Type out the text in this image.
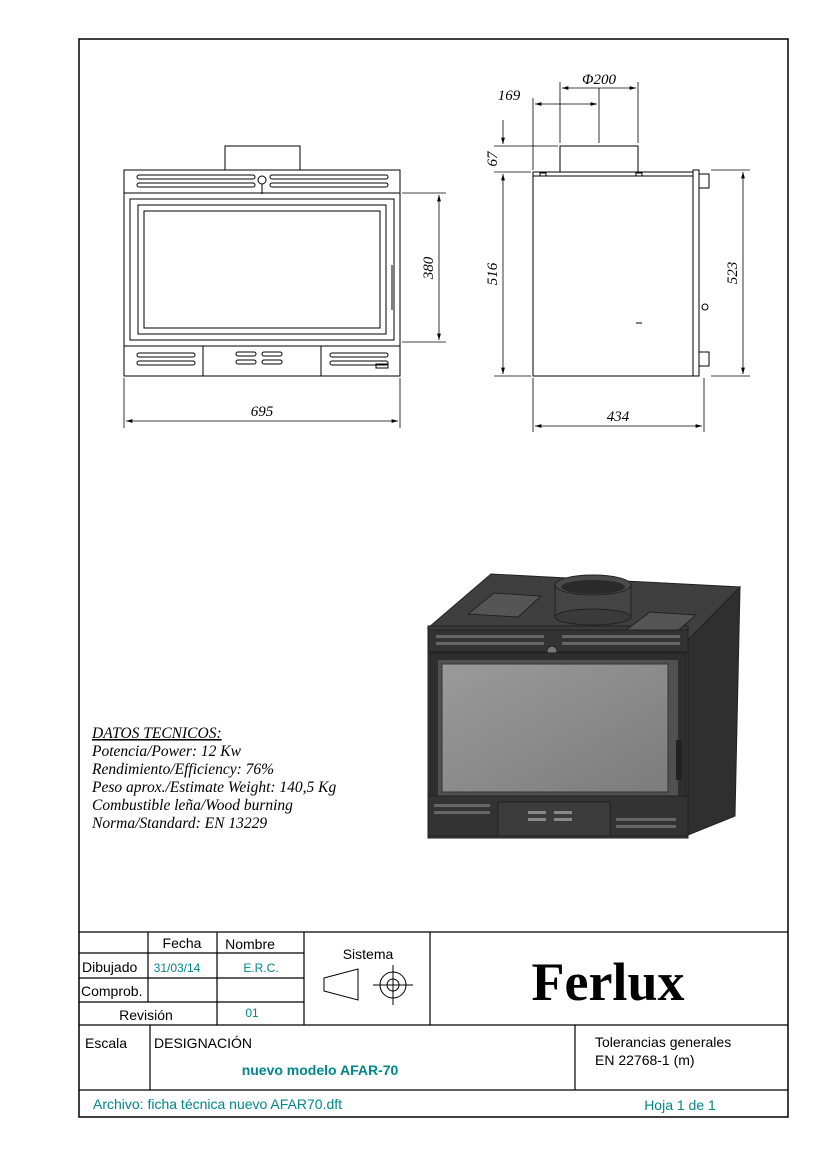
695
380
Φ200
169
67
516	523
434
DATOS TECNICOS:
Potencia/Power: 12 Kw
Rendimiento/Efficiency: 76%
Peso aprox./Estimate Weight: 140,5 Kg
Combustible leña/Wood burning
Norma/Standard: EN 13229
Fecha Nombre
Sistema
Dibujado 31/03/14	E.R.C.
Comprob.
Revisión	01
Ferlux
Escala DESIGNACIÓN
nuevo modelo AFAR-70
Tolerancias generales
EN 22768-1 (m)
Archivo: ficha técnica nuevo AFAR70.dft	Hoja 1 de 1
